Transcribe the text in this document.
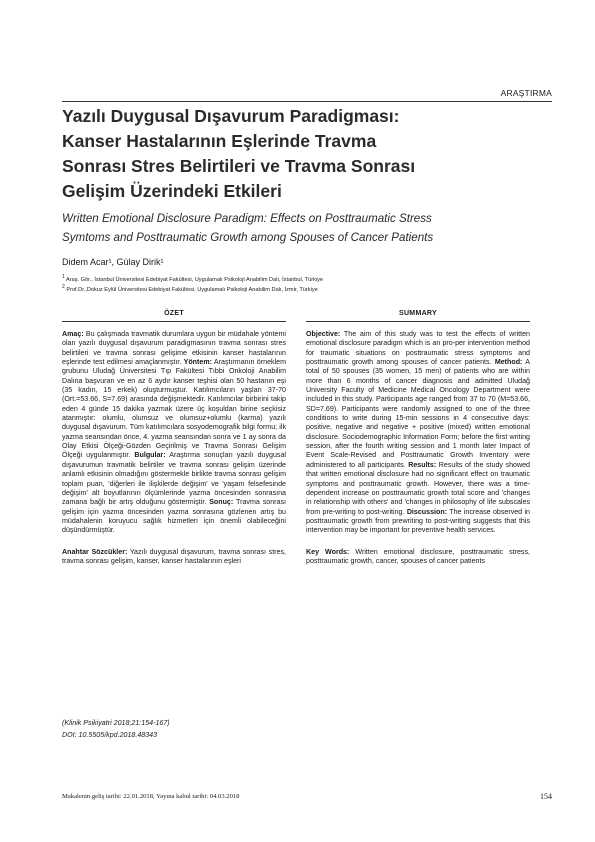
ARAŞTIRMA
Yazılı Duygusal Dışavurum Paradigması:
Kanser Hastalarının Eşlerinde Travma
Sonrası Stres Belirtileri ve Travma Sonrası
Gelişim Üzerindeki Etkileri
Written Emotional Disclosure Paradigm: Effects on Posttraumatic Stress
Symtoms and Posttraumatic Growth among Spouses of Cancer Patients
Didem Acar¹, Gülay Dirik¹
$^1$ Araş. Gör., İstanbul Üniversitesi Edebiyat Fakültesi, Uygulamalı Psikoloji Anabilim Dalı, İstanbul, Türkiye
$^2$ Prof.Dr.,Dokuz Eylül Üniversitesi Edebiyat Fakültesi, Uygulamalı Psikoloji Anabilim Dalı, İzmir, Türkiye
ÖZET
Amaç: Bu çalışmada travmatik durumlara uygun bir müdahale yöntemi olan yazılı duygusal dışavurum paradigmasının travma sonrası stres belirtileri ve travma sonrası gelişime etkisinin kanser hastalarının eşlerinde test edilmesi amaçlanmıştır. Yöntem: Araştırmanın örneklem grubunu Uludağ Üniversitesi Tıp Fakültesi Tıbbi Onkoloji Anabilim Dalına başvuran ve en az 6 aydır kanser teşhisi olan 50 hastanın eşi (35 kadın, 15 erkek) oluşturmuştur. Katılımcıların yaşları 37-70 (Ort.=53.66, S=7.69) arasında değişmektedir. Katılımcılar birbirini takip eden 4 günde 15 dakika yazmak üzere üç koşuldan birine seçkisiz atanmıştır: olumlu, olumsuz ve olumsuz+olumlu (karma) yazılı duygusal dışavurum. Tüm katılımcılara sosyodemografik bilgi formu; ilk yazma seansından önce, 4. yazma seansından sonra ve 1 ay sonra da Olay Etkisi Ölçeği-Gözden Geçirilmiş ve Travma Sonrası Gelişim Ölçeği uygulanmıştır. Bulgular: Araştırma sonuçları yazılı duygusal dışavurumun travmatik belirtiler ve travma sonrası gelişim üzerinde anlamlı etkisinin olmadığını göstermekle birlikte travma sonrası gelişim toplam puan, 'diğerleri ile ilişkilerde değişim' ve 'yaşam felsefesinde değişim' alt boyutlarının ölçümlerinde yazma öncesinden sonrasına zamana bağlı bir artış olduğunu göstermiştir. Sonuç: Travma sonrası gelişim için yazma öncesinden yazma sonrasına gözlenen artış bu müdahalenin koruyucu sağlık hizmetleri için önemli olabileceğini düşündürmüştür.
Anahtar Sözcükler: Yazılı duygusal dışavurum, travma sonrası stres, travma sonrası gelişim, kanser, kanser hastalarının eşleri
SUMMARY
Objective: The aim of this study was to test the effects of written emotional disclosure paradigm which is an pro-per intervention method for traumatic situations on posttraumatic stress symptoms and posttraumatic growth among spouses of cancer patients. Method: A total of 50 spouses (35 women, 15 men) of patients who are within more than 6 months of cancer diagnosis and admitted Uludağ University Faculty of Medicine Medical Oncology Department were included in this study. Participants age ranged from 37 to 70 (M=53.66, SD=7.69). Participants were randomly assigned to one of the three conditions to write during 15-min sessions in 4 consecutive days: positive, negative and negative + positive (mixed) written emotional disclosure. Sociodemographic Information Form; before the first writing session, after the fourth writing session and 1 month later Impact of Event Scale-Revised and Posttraumatic Growth Inventory were administered to all participants. Results: Results of the study showed that written emotional disclosure had no significant effect on traumatic symptoms and posttraumatic growth. However, there was a time-dependent increase on posttraumatic growth total score and 'changes in relationship with others' and 'changes in philosophy of life subscales from pre-writing to post-writing. Discussion: The increase observed in posttraumatic growth from prewriting to post-writing suggests that this intervention may be important for preventive health services.
Key Words: Written emotional disclosure, posttraumatic stress, posttraumatic growth, cancer, spouses of cancer patients
(Klinik Psikiyatri 2018;21:154-167)
DOI: 10.5505/kpd.2018.48343
Makalenin geliş tarihi: 22.01.2018, Yayına kabul tarihi: 04.03.2018	154
